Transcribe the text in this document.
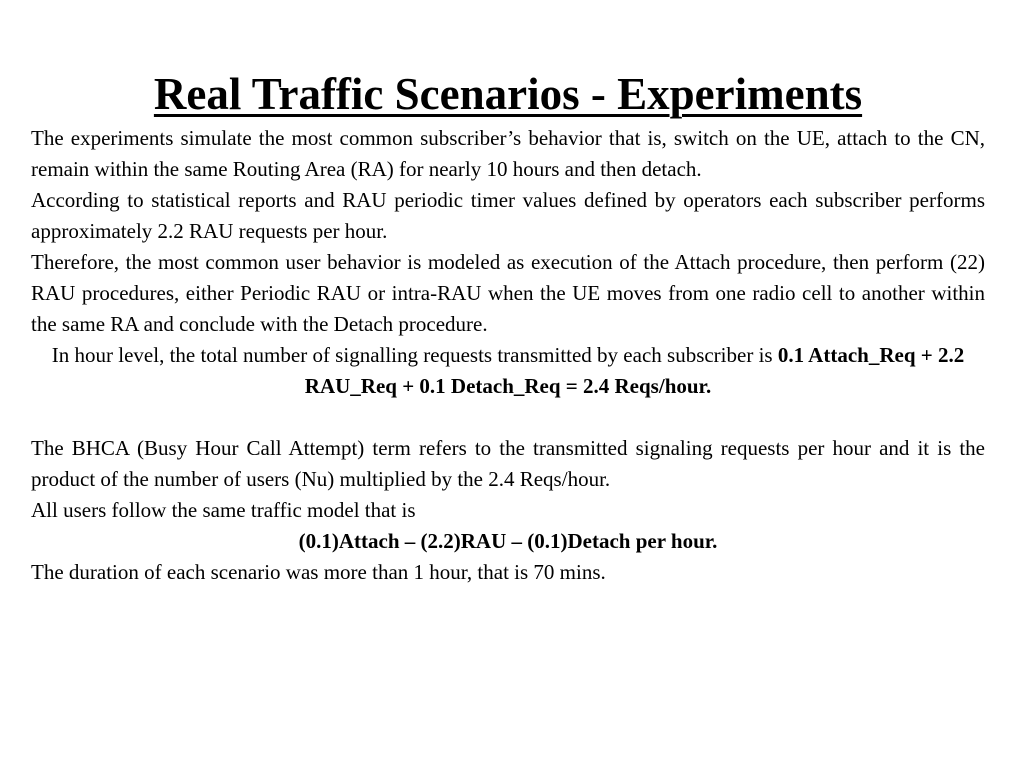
Real Traffic Scenarios - Experiments

The experiments simulate the most common subscriber’s behavior that is, switch on the UE, attach to the CN, remain within the same Routing Area (RA) for nearly 10 hours and then detach.

According to statistical reports and RAU periodic timer values defined by operators each subscriber performs approximately 2.2 RAU requests per hour.

Therefore, the most common user behavior is modeled as execution of the Attach procedure, then perform (22) RAU procedures, either Periodic RAU or intra-RAU when the UE moves from one radio cell to another within the same RA and conclude with the Detach procedure.

In hour level, the total number of signalling requests transmitted by each subscriber is 0.1 Attach_Req + 2.2 RAU_Req + 0.1 Detach_Req = 2.4 Reqs/hour.

The BHCA (Busy Hour Call Attempt) term refers to the transmitted signaling requests per hour and it is the product of the number of users (Nu) multiplied by the 2.4 Reqs/hour.

All users follow the same traffic model that is

(0.1)Attach – (2.2)RAU – (0.1)Detach per hour.

The duration of each scenario was more than 1 hour, that is 70 mins.
